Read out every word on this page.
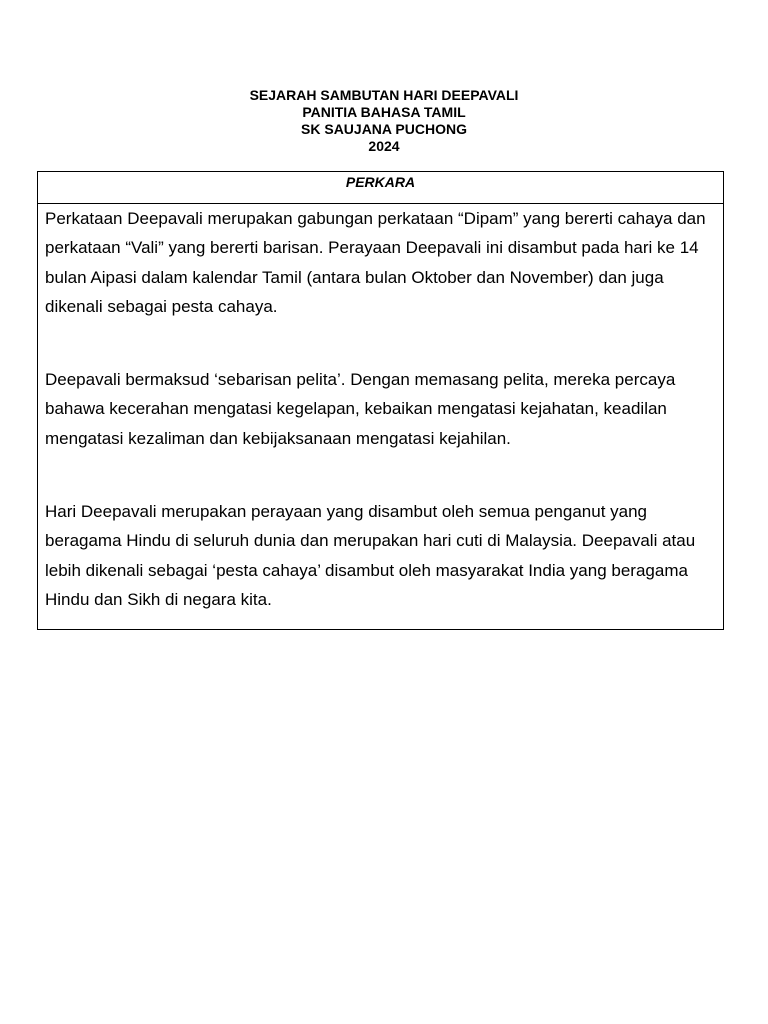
SEJARAH SAMBUTAN HARI DEEPAVALI

PANITIA BAHASA TAMIL

SK SAUJANA PUCHONG

2024

PERKARA

Perkataan Deepavali merupakan gabungan perkataan “Dipam” yang bererti cahaya dan perkataan “Vali” yang bererti barisan. Perayaan Deepavali ini disambut pada hari ke 14 bulan Aipasi dalam kalendar Tamil (antara bulan Oktober dan November) dan juga dikenali sebagai pesta cahaya.

Deepavali bermaksud ‘sebarisan pelita’. Dengan memasang pelita, mereka percaya bahawa kecerahan mengatasi kegelapan, kebaikan mengatasi kejahatan, keadilan mengatasi kezaliman dan kebijaksanaan mengatasi kejahilan.

Hari Deepavali merupakan perayaan yang disambut oleh semua penganut yang beragama Hindu di seluruh dunia dan merupakan hari cuti di Malaysia. Deepavali atau lebih dikenali sebagai ‘pesta cahaya’ disambut oleh masyarakat India yang beragama Hindu dan Sikh di negara kita.
